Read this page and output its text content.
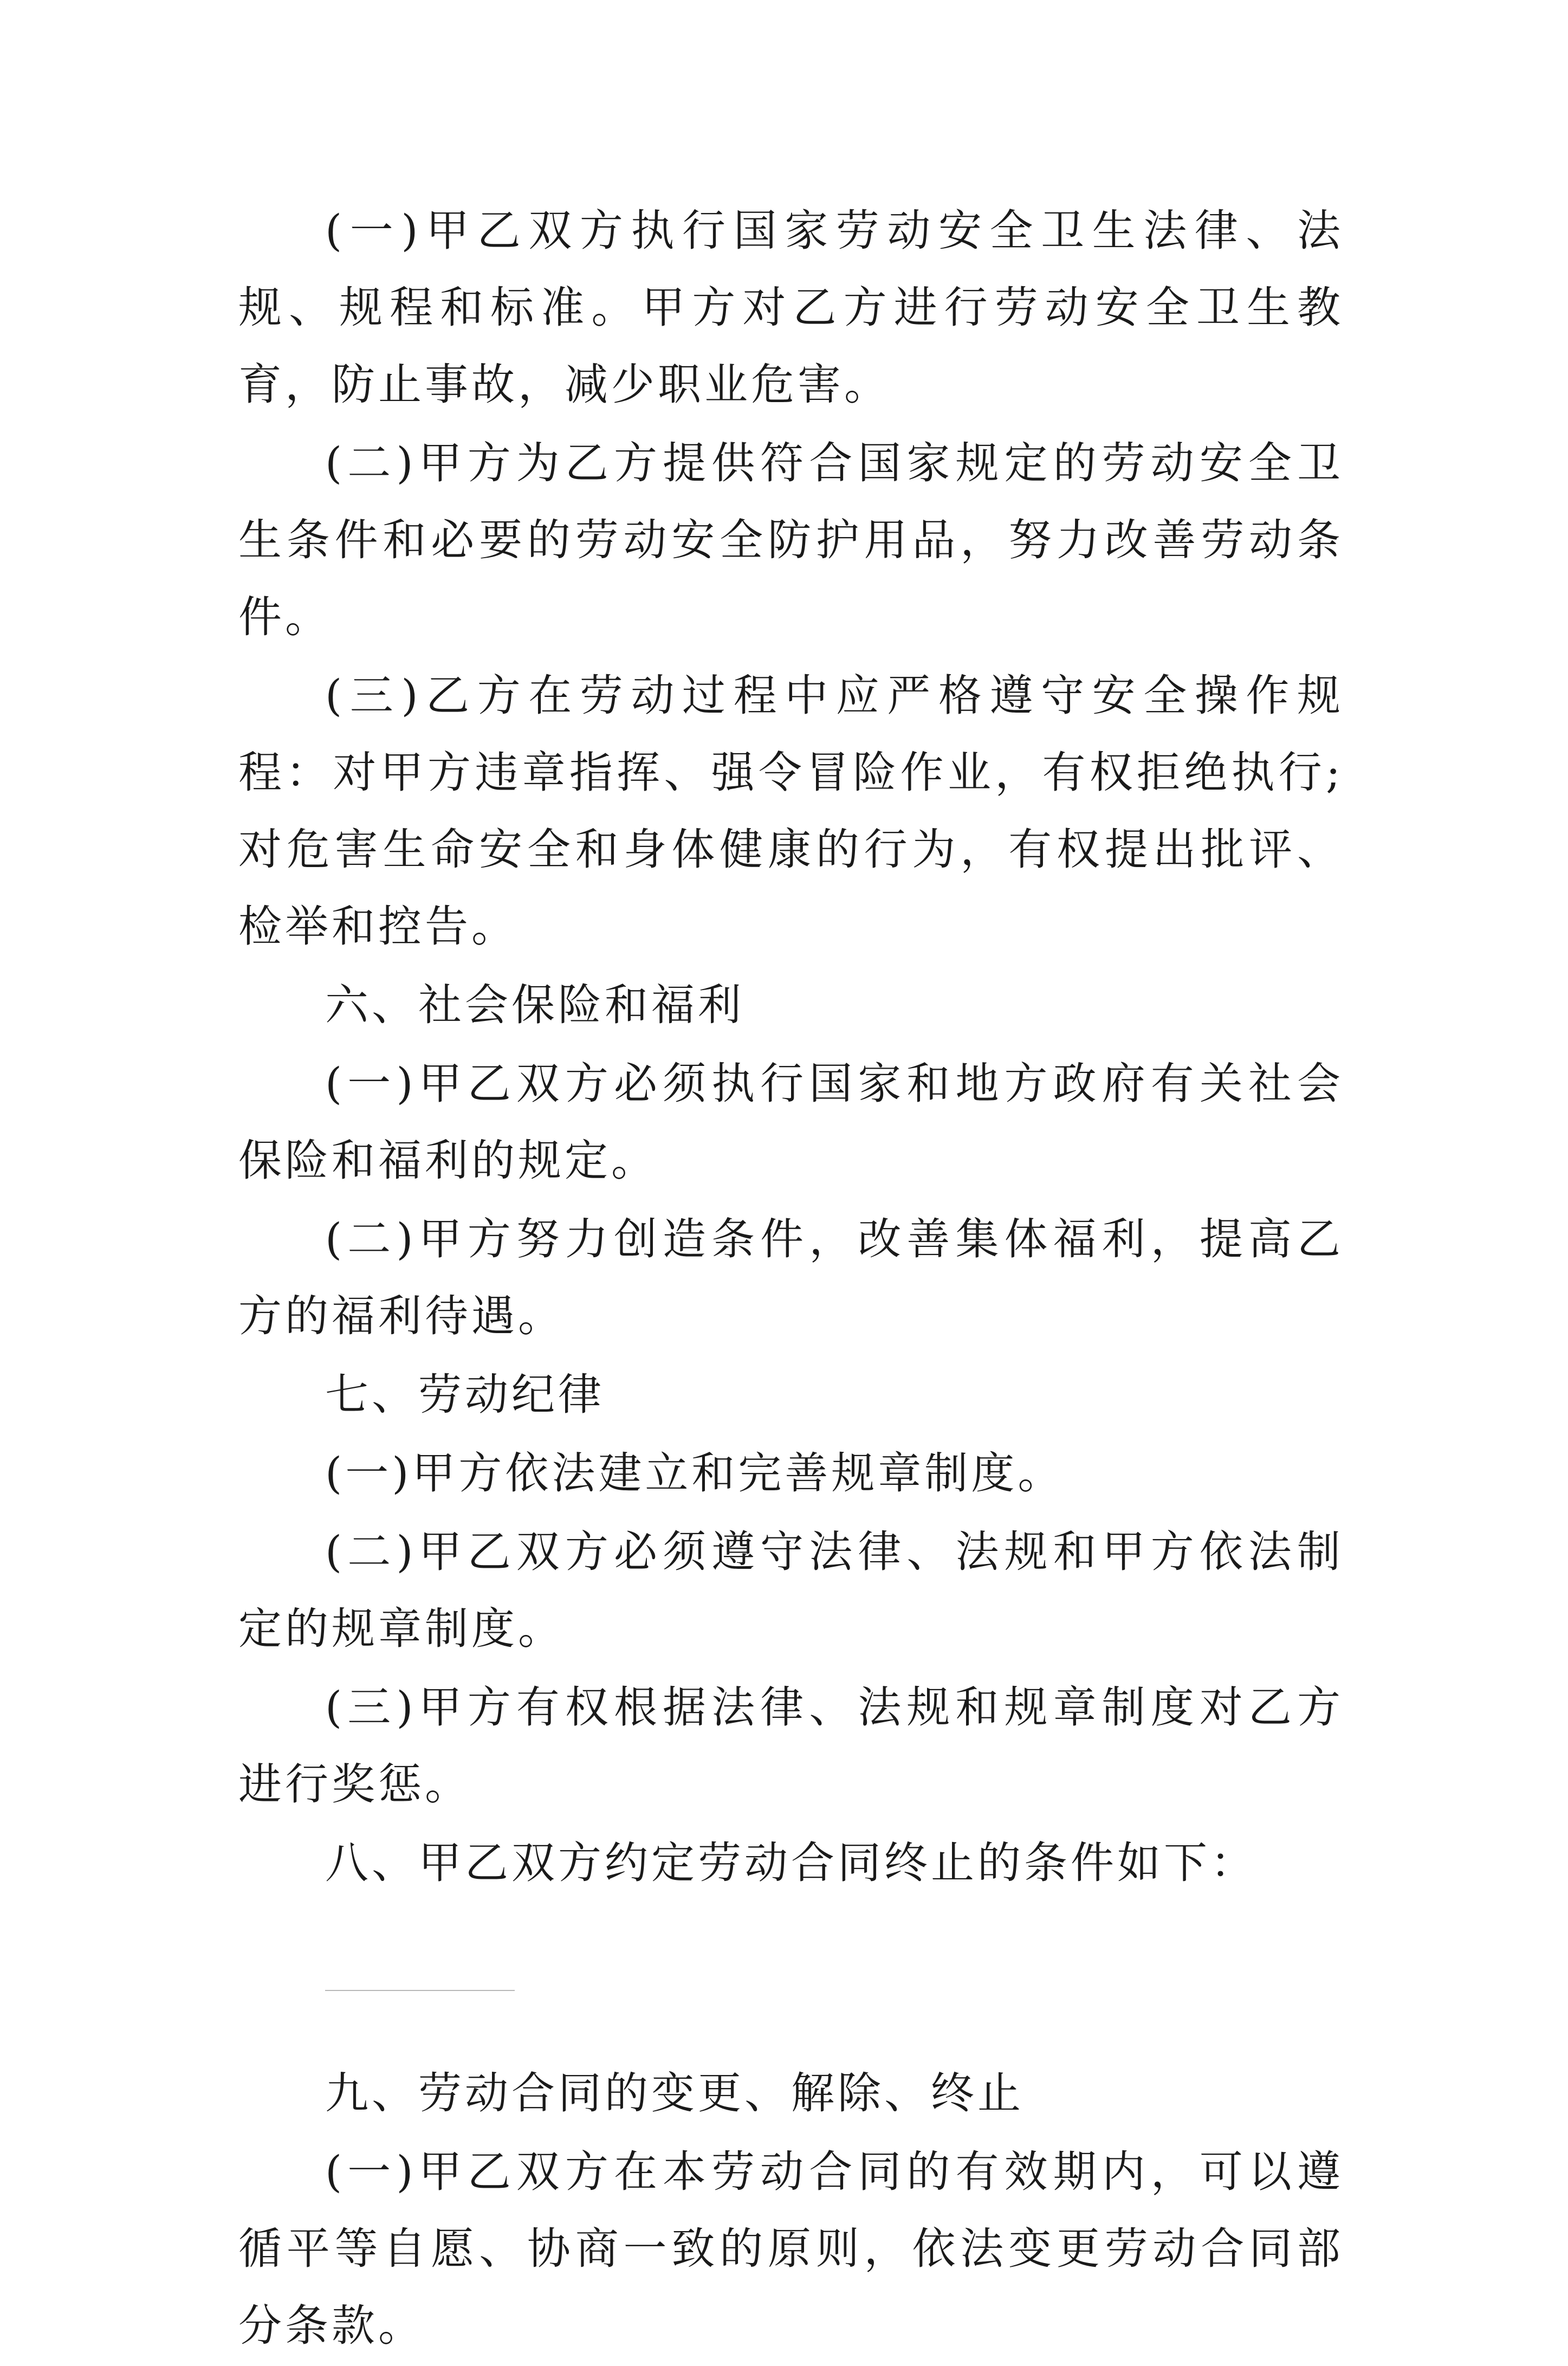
(一)甲乙双方执行国家劳动安全卫生法律、法规、规程和标准。甲方对乙方进行劳动安全卫生教育，防止事故，减少职业危害。

(二)甲方为乙方提供符合国家规定的劳动安全卫生条件和必要的劳动安全防护用品，努力改善劳动条件。

(三)乙方在劳动过程中应严格遵守安全操作规程：对甲方违章指挥、强令冒险作业，有权拒绝执行;对危害生命安全和身体健康的行为，有权提出批评、检举和控告。

六、社会保险和福利

(一)甲乙双方必须执行国家和地方政府有关社会保险和福利的规定。

(二)甲方努力创造条件，改善集体福利，提高乙方的福利待遇。

七、劳动纪律

(一)甲方依法建立和完善规章制度。

(二)甲乙双方必须遵守法律、法规和甲方依法制定的规章制度。

(三)甲方有权根据法律、法规和规章制度对乙方进行奖惩。

八、甲乙双方约定劳动合同终止的条件如下：

九、劳动合同的变更、解除、终止

(一)甲乙双方在本劳动合同的有效期内，可以遵循平等自愿、协商一致的原则，依法变更劳动合同部分条款。
